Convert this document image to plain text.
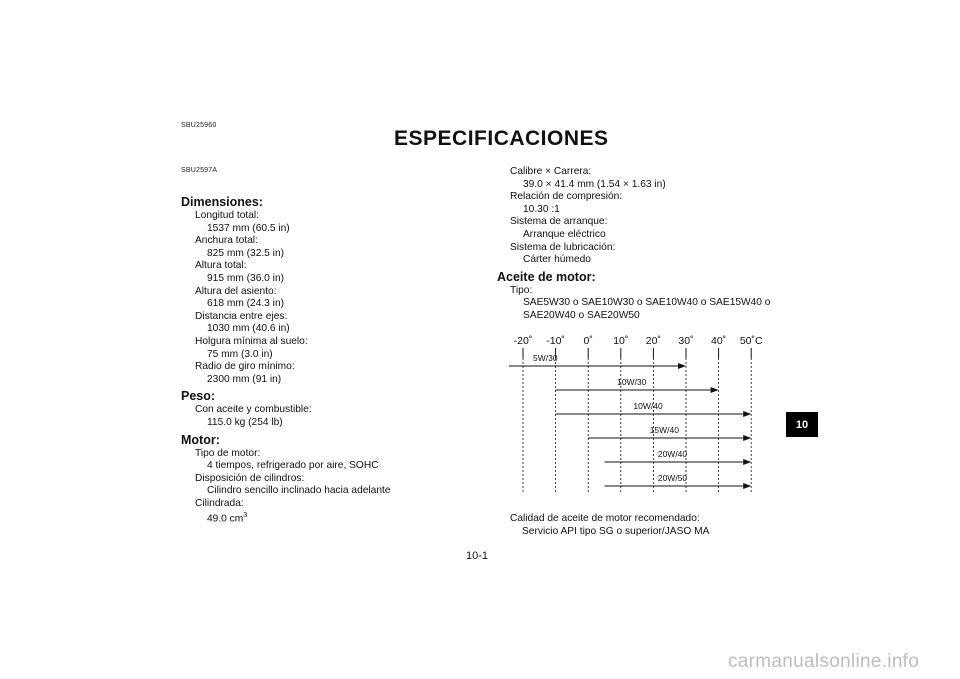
SBU25960
ESPECIFICACIONES
SBU2597A
Dimensiones:
Longitud total:
1537 mm (60.5 in)
Anchura total:
825 mm (32.5 in)
Altura total:
915 mm (36.0 in)
Altura del asiento:
618 mm (24.3 in)
Distancia entre ejes:
1030 mm (40.6 in)
Holgura mínima al suelo:
75 mm (3.0 in)
Radio de giro mínimo:
2300 mm (91 in)
Peso:
Con aceite y combustible:
115.0 kg (254 lb)
Motor:
Tipo de motor:
4 tiempos, refrigerado por aire, SOHC
Disposición de cilindros:
Cilindro sencillo inclinado hacia adelante
Cilindrada:
49.0 $cm^3$
Calibre × Carrera:
39.0 × 41.4 mm (1.54 × 1.63 in)
Relación de compresión:
10.30 :1
Sistema de arranque:
Arranque eléctrico
Sistema de lubricación:
Cárter húmedo
Aceite de motor:
Tipo:
SAE5W30 o SAE10W30 o SAE10W40 o SAE15W40 o
SAE20W40 o SAE20W50
-20˚ -10˚ 0˚ 10˚ 20˚ 30˚ 40˚ 50˚C
5W/30
10W/30
10W/40
15W/40
20W/40
20W/50
Calidad de aceite de motor recomendado:
Servicio API tipo SG o superior/JASO MA
10
10-1
carmanualsonline.info
